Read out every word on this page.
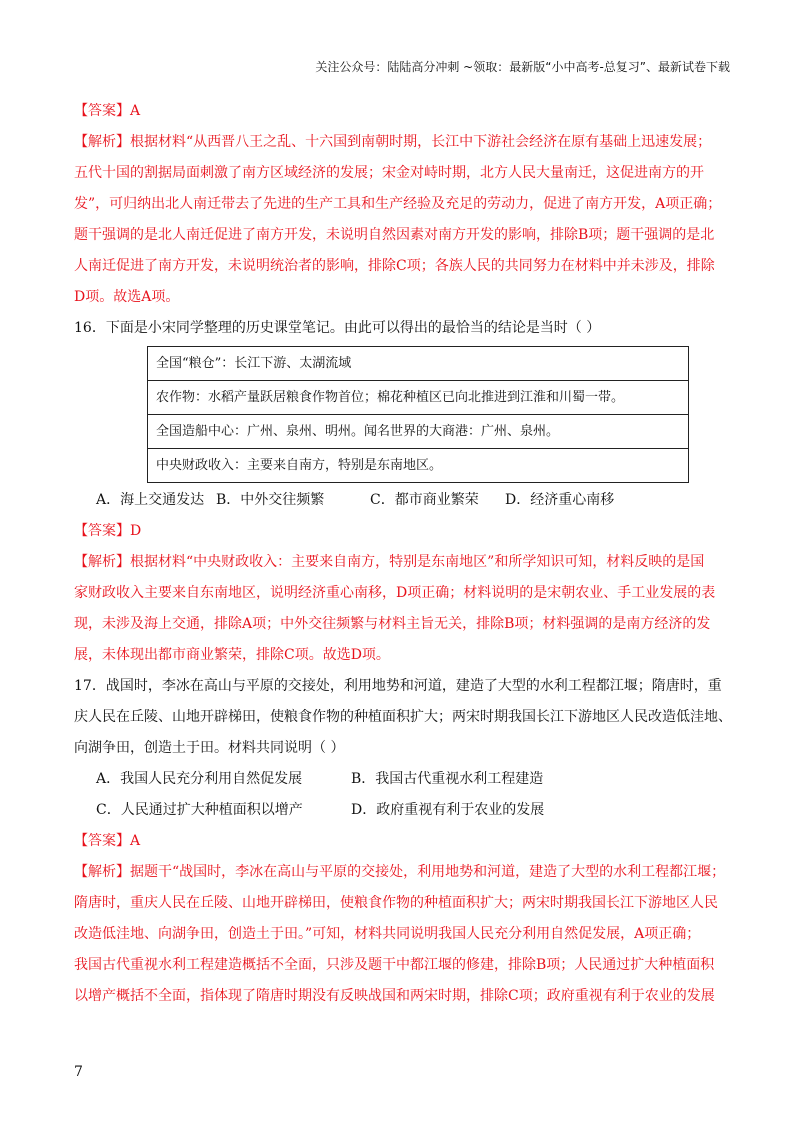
关注公众号：陆陆高分冲刺 ~领取：最新版“小中高考-总复习”、最新试卷下载

【答案】A

【解析】根据材料“从西晋八王之乱、十六国到南朝时期，长江中下游社会经济在原有基础上迅速发展；

五代十国的割据局面刺激了南方区域经济的发展；宋金对峙时期，北方人民大量南迁，这促进南方的开

发”，可归纳出北人南迁带去了先进的生产工具和生产经验及充足的劳动力，促进了南方开发，A项正确；

题干强调的是北人南迁促进了南方开发，未说明自然因素对南方开发的影响，排除B项；题干强调的是北

人南迁促进了南方开发，未说明统治者的影响，排除C项；各族人民的共同努力在材料中并未涉及，排除

D项。故选A项。

16．下面是小宋同学整理的历史课堂笔记。由此可以得出的最恰当的结论是当时（ ）

全国“粮仓”：长江下游、太湖流域
农作物：水稻产量跃居粮食作物首位；棉花种植区已向北推进到江淮和川蜀一带。
全国造船中心：广州、泉州、明州。闻名世界的大商港：广州、泉州。
中央财政收入：主要来自南方，特别是东南地区。
A．海上交通发达 B．中外交往频繁	C．都市商业繁荣	D．经济重心南移

【答案】D

【解析】根据材料“中央财政收入：主要来自南方，特别是东南地区”和所学知识可知，材料反映的是国

家财政收入主要来自东南地区，说明经济重心南移，D项正确；材料说明的是宋朝农业、手工业发展的表

现，未涉及海上交通，排除A项；中外交往频繁与材料主旨无关，排除B项；材料强调的是南方经济的发

展，未体现出都市商业繁荣，排除C项。故选D项。

17．战国时，李冰在高山与平原的交接处，利用地势和河道，建造了大型的水利工程都江堰；隋唐时，重

庆人民在丘陵、山地开辟梯田，使粮食作物的种植面积扩大；两宋时期我国长江下游地区人民改造低洼地、

向湖争田，创造土于田。材料共同说明（ ）

A．我国人民充分利用自然促发展	B．我国古代重视水利工程建造
C．人民通过扩大种植面积以增产	D．政府重视有利于农业的发展

【答案】A

【解析】据题干“战国时，李冰在高山与平原的交接处，利用地势和河道，建造了大型的水利工程都江堰；

隋唐时，重庆人民在丘陵、山地开辟梯田，使粮食作物的种植面积扩大；两宋时期我国长江下游地区人民

改造低洼地、向湖争田，创造土于田。”可知，材料共同说明我国人民充分利用自然促发展，A项正确；

我国古代重视水利工程建造概括不全面，只涉及题干中都江堰的修建，排除B项；人民通过扩大种植面积

以增产概括不全面，指体现了隋唐时期没有反映战国和两宋时期，排除C项；政府重视有利于农业的发展

7
